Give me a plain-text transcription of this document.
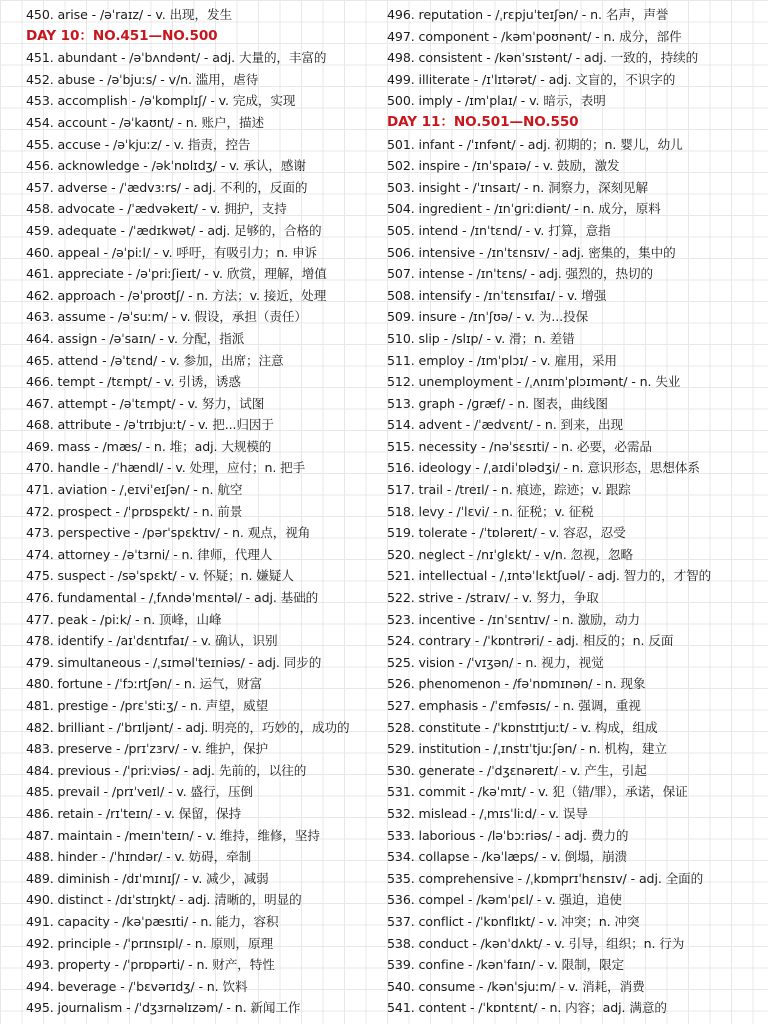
450. arise - /əˈraɪz/ - v. 出现，发生
DAY 10：NO.451—NO.500
451. abundant - /əˈbʌndənt/ - adj. 大量的，丰富的
452. abuse - /əˈbjuːs/ - v/n. 滥用，虐待
453. accomplish - /əˈkɒmplɪʃ/ - v. 完成，实现
454. account - /əˈkaʊnt/ - n. 账户，描述
455. accuse - /əˈkjuːz/ - v. 指责，控告
456. acknowledge - /əkˈnɒlɪdʒ/ - v. 承认，感谢
457. adverse - /ˈædvɜːrs/ - adj. 不利的，反面的
458. advocate - /ˈædvəkeɪt/ - v. 拥护，支持
459. adequate - /ˈædɪkwət/ - adj. 足够的，合格的
460. appeal - /əˈpiːl/ - v. 呼吁，有吸引力；n. 申诉
461. appreciate - /əˈpriːʃieɪt/ - v. 欣赏，理解，增值
462. approach - /əˈproʊtʃ/ - n. 方法；v. 接近，处理
463. assume - /əˈsuːm/ - v. 假设，承担（责任）
464. assign - /əˈsaɪn/ - v. 分配，指派
465. attend - /əˈtɛnd/ - v. 参加，出席；注意
466. tempt - /tɛmpt/ - v. 引诱，诱惑
467. attempt - /əˈtɛmpt/ - v. 努力，试图
468. attribute - /əˈtrɪbjuːt/ - v. 把...归因于
469. mass - /mæs/ - n. 堆；adj. 大规模的
470. handle - /ˈhændl/ - v. 处理，应付；n. 把手
471. aviation - /ˌeɪviˈeɪʃən/ - n. 航空
472. prospect - /ˈprɒspɛkt/ - n. 前景
473. perspective - /pərˈspɛktɪv/ - n. 观点，视角
474. attorney - /əˈtɜrni/ - n. 律师，代理人
475. suspect - /səˈspɛkt/ - v. 怀疑；n. 嫌疑人
476. fundamental - /ˌfʌndəˈmɛntəl/ - adj. 基础的
477. peak - /piːk/ - n. 顶峰，山峰
478. identify - /aɪˈdɛntɪfaɪ/ - v. 确认，识别
479. simultaneous - /ˌsɪməlˈteɪniəs/ - adj. 同步的
480. fortune - /ˈfɔːrtʃən/ - n. 运气，财富
481. prestige - /prɛˈstiːʒ/ - n. 声望，威望
482. brilliant - /ˈbrɪljənt/ - adj. 明亮的，巧妙的，成功的
483. preserve - /prɪˈzɜrv/ - v. 维护，保护
484. previous - /ˈpriːviəs/ - adj. 先前的，以往的
485. prevail - /prɪˈveɪl/ - v. 盛行，压倒
486. retain - /rɪˈteɪn/ - v. 保留，保持
487. maintain - /meɪnˈteɪn/ - v. 维持，维修，坚持
488. hinder - /ˈhɪndər/ - v. 妨碍，牵制
489. diminish - /dɪˈmɪnɪʃ/ - v. 减少，减弱
490. distinct - /dɪˈstɪŋkt/ - adj. 清晰的，明显的
491. capacity - /kəˈpæsɪti/ - n. 能力，容积
492. principle - /ˈprɪnsɪpl/ - n. 原则，原理
493. property - /ˈprɒpərti/ - n. 财产，特性
494. beverage - /ˈbɛvərɪdʒ/ - n. 饮料
495. journalism - /ˈdʒɜrnəlɪzəm/ - n. 新闻工作
496. reputation - /ˌrɛpjuˈteɪʃən/ - n. 名声，声誉
497. component - /kəmˈpoʊnənt/ - n. 成分，部件
498. consistent - /kənˈsɪstənt/ - adj. 一致的，持续的
499. illiterate - /ɪˈlɪtərət/ - adj. 文盲的，不识字的
500. imply - /ɪmˈplaɪ/ - v. 暗示，表明
DAY 11：NO.501—NO.550
501. infant - /ˈɪnfənt/ - adj. 初期的；n. 婴儿，幼儿
502. inspire - /ɪnˈspaɪə/ - v. 鼓励，激发
503. insight - /ˈɪnsaɪt/ - n. 洞察力，深刻见解
504. ingredient - /ɪnˈɡriːdiənt/ - n. 成分，原料
505. intend - /ɪnˈtɛnd/ - v. 打算，意指
506. intensive - /ɪnˈtɛnsɪv/ - adj. 密集的，集中的
507. intense - /ɪnˈtɛns/ - adj. 强烈的，热切的
508. intensify - /ɪnˈtɛnsɪfaɪ/ - v. 增强
509. insure - /ɪnˈʃʊə/ - v. 为...投保
510. slip - /slɪp/ - v. 滑；n. 差错
511. employ - /ɪmˈplɔɪ/ - v. 雇用，采用
512. unemployment - /ˌʌnɪmˈplɔɪmənt/ - n. 失业
513. graph - /ɡræf/ - n. 图表，曲线图
514. advent - /ˈædvɛnt/ - n. 到来，出现
515. necessity - /nəˈsɛsɪti/ - n. 必要，必需品
516. ideology - /ˌaɪdiˈɒlədʒi/ - n. 意识形态，思想体系
517. trail - /treɪl/ - n. 痕迹，踪迹；v. 跟踪
518. levy - /ˈlɛvi/ - n. 征税；v. 征税
519. tolerate - /ˈtɒləreɪt/ - v. 容忍，忍受
520. neglect - /nɪˈɡlɛkt/ - v/n. 忽视，忽略
521. intellectual - /ˌɪntəˈlɛktʃuəl/ - adj. 智力的，才智的
522. strive - /straɪv/ - v. 努力，争取
523. incentive - /ɪnˈsɛntɪv/ - n. 激励，动力
524. contrary - /ˈkɒntrəri/ - adj. 相反的；n. 反面
525. vision - /ˈvɪʒən/ - n. 视力，视觉
526. phenomenon - /fəˈnɒmɪnən/ - n. 现象
527. emphasis - /ˈɛmfəsɪs/ - n. 强调，重视
528. constitute - /ˈkɒnstɪtjuːt/ - v. 构成，组成
529. institution - /ˌɪnstɪˈtjuːʃən/ - n. 机构，建立
530. generate - /ˈdʒɛnəreɪt/ - v. 产生，引起
531. commit - /kəˈmɪt/ - v. 犯（错/罪），承诺，保证
532. mislead - /ˌmɪsˈliːd/ - v. 误导
533. laborious - /ləˈbɔːriəs/ - adj. 费力的
534. collapse - /kəˈlæps/ - v. 倒塌，崩溃
535. comprehensive - /ˌkɒmprɪˈhɛnsɪv/ - adj. 全面的
536. compel - /kəmˈpɛl/ - v. 强迫，追使
537. conflict - /ˈkɒnflɪkt/ - v. 冲突；n. 冲突
538. conduct - /kənˈdʌkt/ - v. 引导，组织；n. 行为
539. confine - /kənˈfaɪn/ - v. 限制，限定
540. consume - /kənˈsjuːm/ - v. 消耗，消费
541. content - /ˈkɒntɛnt/ - n. 内容；adj. 满意的
